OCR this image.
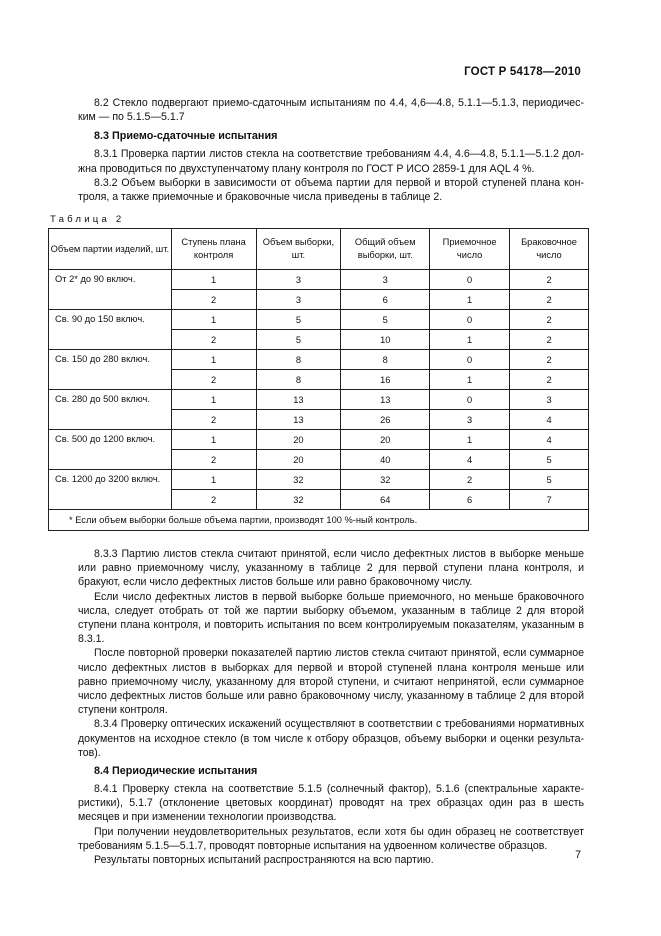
ГОСТ Р 54178—2010

8.2 Стекло подвергают приемо-сдаточным испытаниям по 4.4, 4,6—4.8, 5.1.1—5.1.3, периодическим — по 5.1.5—5.1.7

8.3 Приемо-сдаточные испытания

8.3.1 Проверка партии листов стекла на соответствие требованиям 4.4, 4.6—4.8, 5.1.1—5.1.2 должна проводиться по двухступенчатому плану контроля по ГОСТ Р ИСО 2859-1 для AQL 4 %.

8.3.2 Объем выборки в зависимости от объема партии для первой и второй ступеней плана контроля, а также приемочные и браковочные числа приведены в таблице 2.

Таблица 2
Объем партии изделий, шт.	Ступень плана контроля	Объем выборки, шт.	Общий объем выборки, шт.	Приемочное число	Браковочное число
От 2* до 90 включ.	1	3	3	0	2
	2	3	6	1	2
Св. 90 до 150 включ.	1	5	5	0	2
	2	5	10	1	2
Св. 150 до 280 включ.	1	8	8	0	2
	2	8	16	1	2
Св. 280 до 500 включ.	1	13	13	0	3
	2	13	26	3	4
Св. 500 до 1200 включ.	1	20	20	1	4
	2	20	40	4	5
Св. 1200 до 3200 включ.	1	32	32	2	5
	2	32	64	6	7
* Если объем выборки больше объема партии, производят 100 %-ный контроль.					

8.3.3 Партию листов стекла считают принятой, если число дефектных листов в выборке меньше или равно приемочному числу, указанному в таблице 2 для первой ступени плана контроля, и бракуют, если число дефектных листов больше или равно браковочному числу.

Если число дефектных листов в первой выборке больше приемочного, но меньше браковочного числа, следует отобрать от той же партии выборку объемом, указанным в таблице 2 для второй ступени плана контроля, и повторить испытания по всем контролируемым показателям, указанным в 8.3.1.

После повторной проверки показателей партию листов стекла считают принятой, если суммарное число дефектных листов в выборках для первой и второй ступеней плана контроля меньше или равно приемочному числу, указанному для второй ступени, и считают непринятой, если суммарное число дефектных листов больше или равно браковочному числу, указанному в таблице 2 для второй ступени контроля.

8.3.4 Проверку оптических искажений осуществляют в соответствии с требованиями нормативных документов на исходное стекло (в том числе к отбору образцов, объему выборки и оценки результатов).

8.4 Периодические испытания

8.4.1 Проверку стекла на соответствие 5.1.5 (солнечный фактор), 5.1.6 (спектральные характеристики), 5.1.7 (отклонение цветовых координат) проводят на трех образцах один раз в шесть месяцев и при изменении технологии производства.

При получении неудовлетворительных результатов, если хотя бы один образец не соответствует требованиям 5.1.5—5.1.7, проводят повторные испытания на удвоенном количестве образцов.

Результаты повторных испытаний распространяются на всю партию.	7
